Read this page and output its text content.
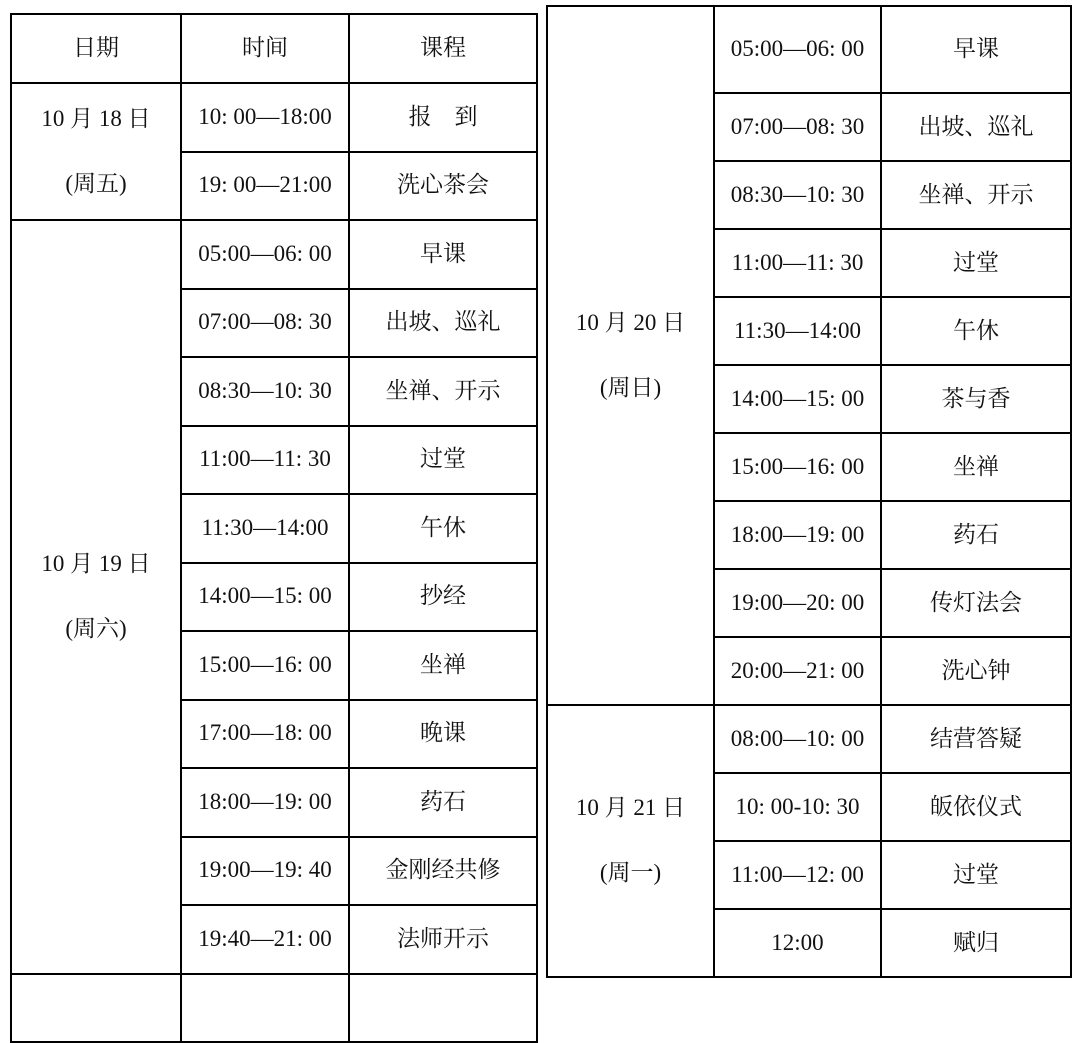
日期	时间	课程

10 月 18 日
(周五)	10: 00—18:00	报　到
	19: 00—21:00	洗心茶会

10 月 19 日
(周六)	05:00—06: 00	早课
	07:00—08: 30	出坡、巡礼
	08:30—10: 30	坐禅、开示
	11:00—11: 30	过堂
	11:30—14:00	午休
	14:00—15: 00	抄经
	15:00—16: 00	坐禅
	17:00—18: 00	晚课
	18:00—19: 00	药石
	19:00—19: 40	金刚经共修
	19:40—21: 00	法师开示

10 月 20 日
(周日)	05:00—06: 00	早课
	07:00—08: 30	出坡、巡礼
	08:30—10: 30	坐禅、开示
	11:00—11: 30	过堂
	11:30—14:00	午休
	14:00—15: 00	茶与香
	15:00—16: 00	坐禅
	18:00—19: 00	药石
	19:00—20: 00	传灯法会
	20:00—21: 00	洗心钟

10 月 21 日
(周一)	08:00—10: 00	结营答疑
	10: 00-10: 30	皈依仪式
	11:00—12: 00	过堂
	12:00	赋归
